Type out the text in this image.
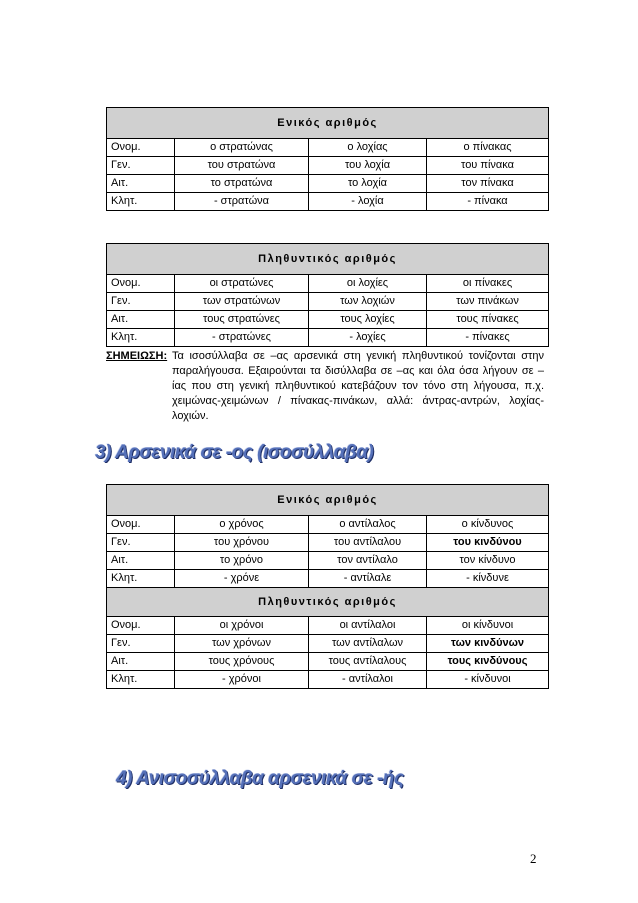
Ενικός αριθμός			
Ονομ.	ο στρατώνας	ο λοχίας	ο πίνακας
Γεν.	του στρατώνα	του λοχία	του πίνακα
Αιτ.	το στρατώνα	το λοχία	τον πίνακα
Κλητ.	- στρατώνα	- λοχία	- πίνακα
Πληθυντικός αριθμός			
Ονομ.	οι στρατώνες	οι λοχίες	οι πίνακες
Γεν.	των στρατώνων	των λοχιών	των πινάκων
Αιτ.	τους στρατώνες	τους λοχίες	τους πίνακες
Κλητ.	- στρατώνες	- λοχίες	- πίνακες
ΣΗΜΕΙΩΣΗ: Τα ισοσύλλαβα σε –ας αρσενικά στη γενική πληθυντικού τονίζονται στην παραλήγουσα. Εξαιρούνται τα δισύλλαβα σε –ας και όλα όσα λήγουν σε –ίας που στη γενική πληθυντικού κατεβάζουν τον τόνο στη λήγουσα, π.χ. χειμώνας-χειμώνων / πίνακας-πινάκων, αλλά: άντρας-αντρών, λοχίας-λοχιών.
3) Αρσενικά σε -ος (ισοσύλλαβα)
Ενικός αριθμός			
Ονομ.	ο χρόνος	ο αντίλαλος	ο κίνδυνος
Γεν.	του χρόνου	του αντίλαλου	του κινδύνου
Αιτ.	το χρόνο	τον αντίλαλο	τον κίνδυνο
Κλητ.	- χρόνε	- αντίλαλε	- κίνδυνε
Πληθυντικός αριθμός			
Ονομ.	οι χρόνοι	οι αντίλαλοι	οι κίνδυνοι
Γεν.	των χρόνων	των αντίλαλων	των κινδύνων
Αιτ.	τους χρόνους	τους αντίλαλους	τους κινδύνους
Κλητ.	- χρόνοι	- αντίλαλοι	- κίνδυνοι
4) Ανισοσύλλαβα αρσενικά σε -ής
2
